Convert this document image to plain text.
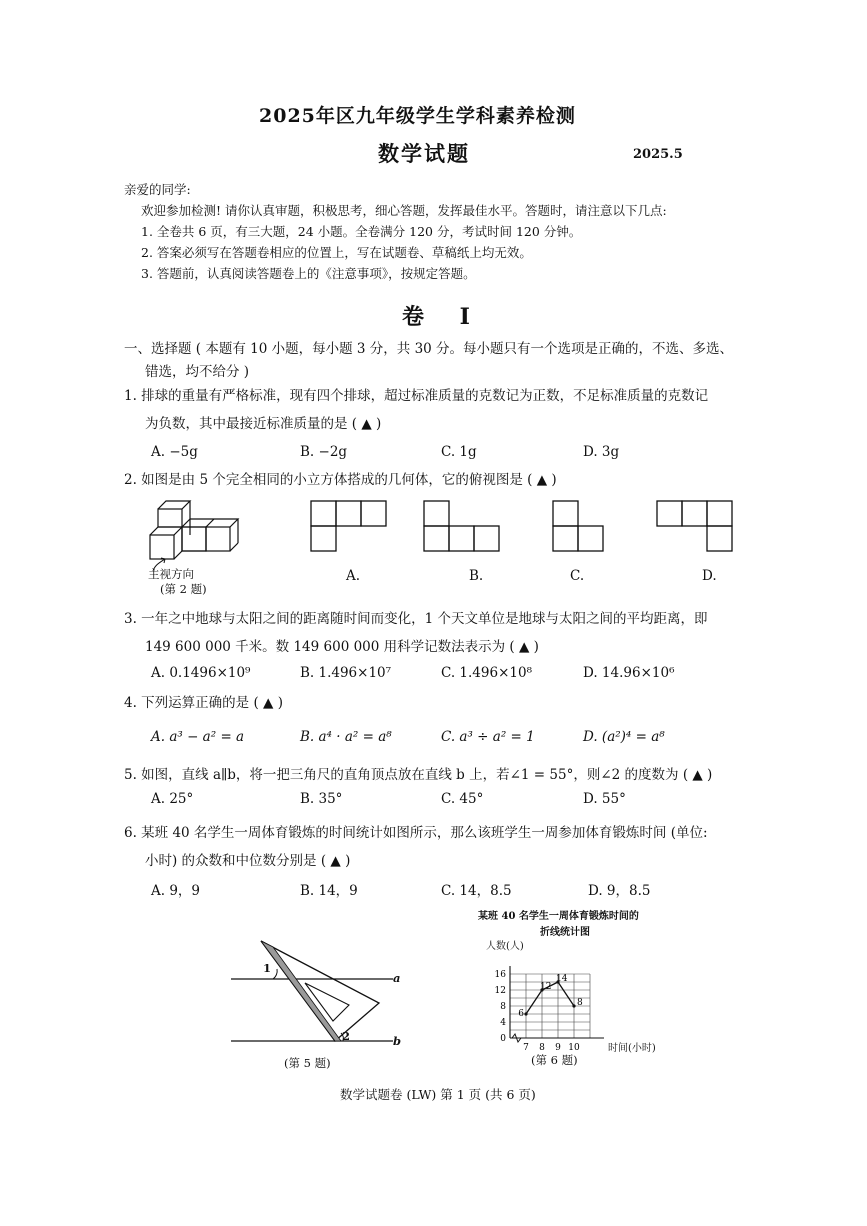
2025年区九年级学生学科素养检测
数学试题	2025.5
亲爱的同学:
欢迎参加检测! 请你认真审题，积极思考，细心答题，发挥最佳水平。答题时，请注意以下几点:
1. 全卷共 6 页，有三大题，24 小题。全卷满分 120 分，考试时间 120 分钟。
2. 答案必须写在答题卷相应的位置上，写在试题卷、草稿纸上均无效。
3. 答题前，认真阅读答题卷上的《注意事项》，按规定答题。
卷 I
一、选择题 ( 本题有 10 小题，每小题 3 分，共 30 分。每小题只有一个选项是正确的，不选、多选、
错选，均不给分 )
1. 排球的重量有严格标准，现有四个排球，超过标准质量的克数记为正数，不足标准质量的克数记
为负数，其中最接近标准质量的是 ( ▲ )
A. −5g	B. −2g	C. 1g	D. 3g
2. 如图是由 5 个完全相同的小立方体搭成的几何体，它的俯视图是 ( ▲ )
主视方向
(第 2 题)
A.	B.	C.	D.
3. 一年之中地球与太阳之间的距离随时间而变化，1 个天文单位是地球与太阳之间的平均距离，即
149 600 000 千米。数 149 600 000 用科学记数法表示为 ( ▲ )
A. 0.1496×10⁹	B. 1.496×10⁷	C. 1.496×10⁸	D. 14.96×10⁶
4. 下列运算正确的是 ( ▲ )
A. a³ − a² = a	B. a⁴ · a² = a⁸	C. a³ ÷ a² = 1	D. (a²)⁴ = a⁸
5. 如图，直线 a∥b，将一把三角尺的直角顶点放在直线 b 上，若∠1 = 55°，则∠2 的度数为 ( ▲ )
A. 25°	B. 35°	C. 45°	D. 55°
6. 某班 40 名学生一周体育锻炼的时间统计如图所示，那么该班学生一周参加体育锻炼时间 (单位:
小时) 的众数和中位数分别是 ( ▲ )
A. 9，9	B. 14，9	C. 14，8.5	D. 9，8.5
1
2
a
b
(第 5 题)
某班 40 名学生一周体育锻炼时间的
折线统计图
人数(人)
时间(小时)
(第 6 题)
0
4
8
12
16
7 8 9 10
6
12
14
8
数学试题卷 (LW) 第 1 页 (共 6 页)
